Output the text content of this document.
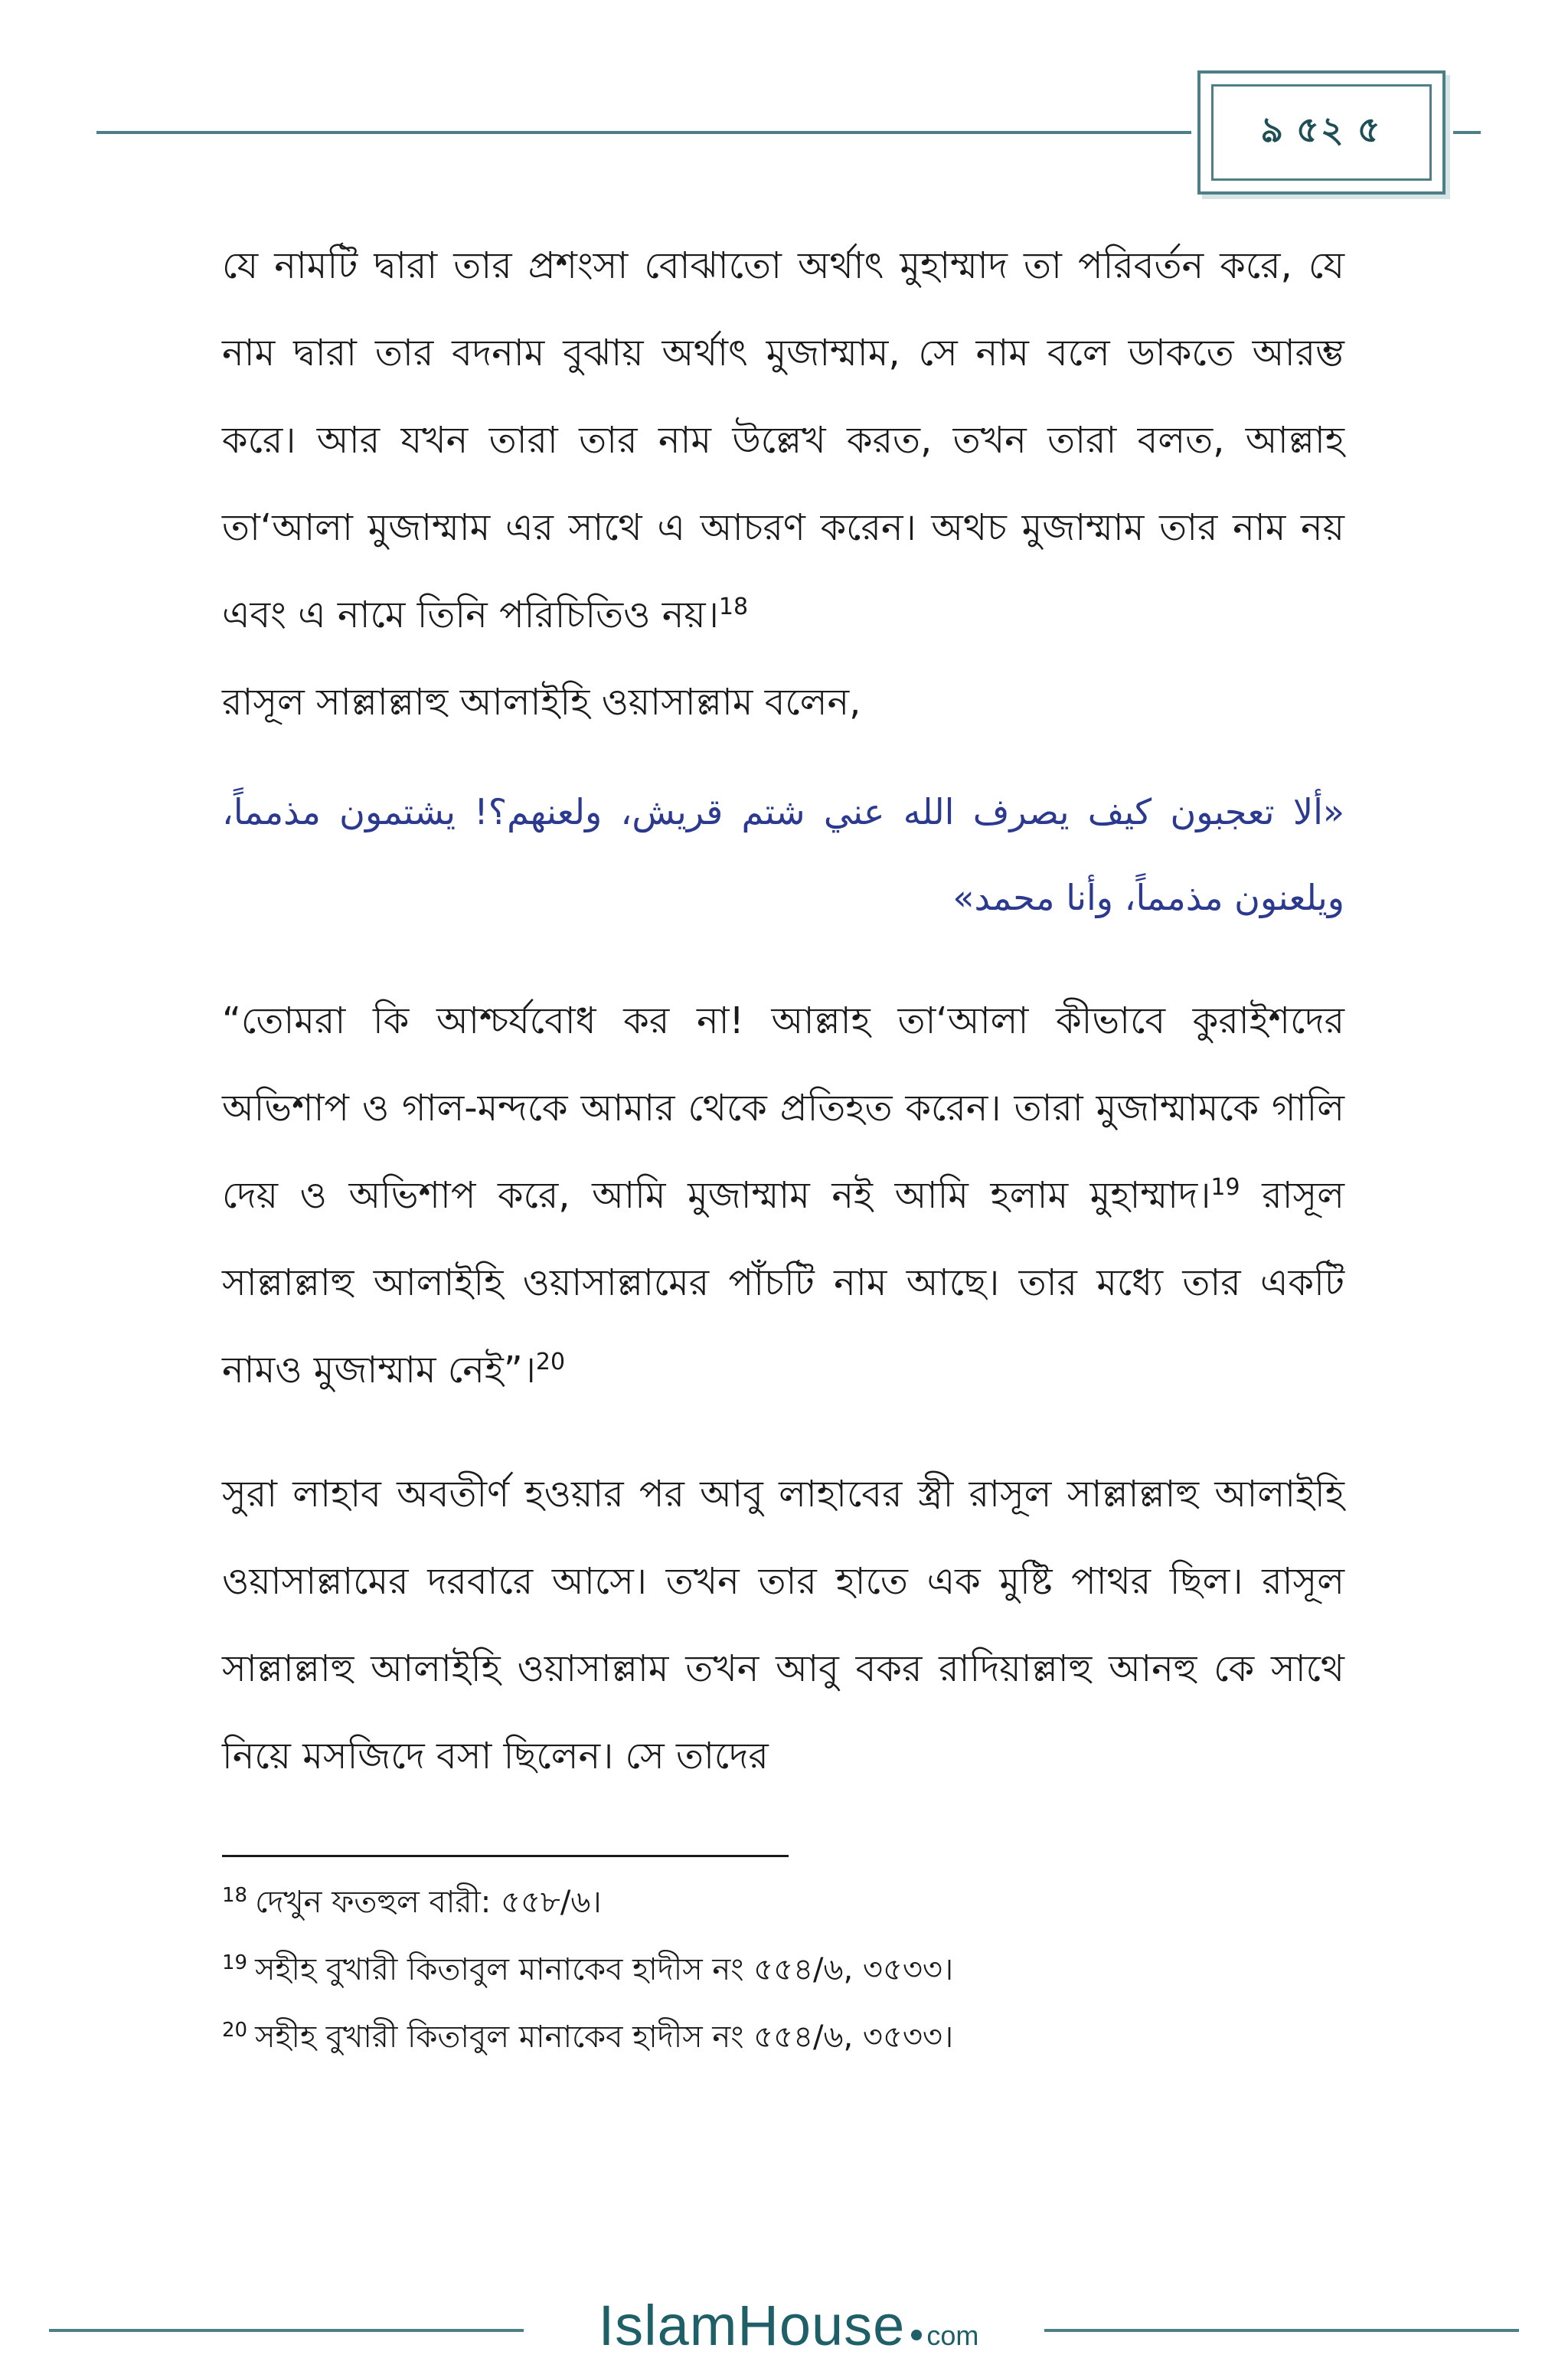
ঌ ৫২ ৫

যে নামটি দ্বারা তার প্রশংসা বোঝাতো অর্থাৎ মুহাম্মাদ তা পরিবর্তন করে, যে নাম দ্বারা তার বদনাম বুঝায় অর্থাৎ মুজাম্মাম, সে নাম বলে ডাকতে আরম্ভ করে। আর যখন তারা তার নাম উল্লেখ করত, তখন তারা বলত, আল্লাহ তা‘আলা মুজাম্মাম এর সাথে এ আচরণ করেন। অথচ মুজাম্মাম তার নাম নয় এবং এ নামে তিনি পরিচিতিও নয়।$^{18}$
রাসূল সাল্লাল্লাহু আলাইহি ওয়াসাল্লাম বলেন,

«ألا تعجبون كيف يصرف الله عني شتم قريش، ولعنهم؟! يشتمون مذمماً، ويلعنون مذمماً، وأنا محمد»

“তোমরা কি আশ্চর্যবোধ কর না! আল্লাহ তা‘আলা কীভাবে কুরাইশদের অভিশাপ ও গাল-মন্দকে আমার থেকে প্রতিহত করেন। তারা মুজাম্মামকে গালি দেয় ও অভিশাপ করে, আমি মুজাম্মাম নই আমি হলাম মুহাম্মাদ।$^{19}$ রাসূল সাল্লাল্লাহু আলাইহি ওয়াসাল্লামের পাঁচটি নাম আছে। তার মধ্যে তার একটি নামও মুজাম্মাম নেই”।$^{20}$

সুরা লাহাব অবতীর্ণ হওয়ার পর আবু লাহাবের স্ত্রী রাসূল সাল্লাল্লাহু আলাইহি ওয়াসাল্লামের দরবারে আসে। তখন তার হাতে এক মুষ্টি পাথর ছিল। রাসূল সাল্লাল্লাহু আলাইহি ওয়াসাল্লাম তখন আবু বকর রাদিয়াল্লাহু আনহু কে সাথে নিয়ে মসজিদে বসা ছিলেন। সে তাদের

$^{18}$ দেখুন ফতহুল বারী: ৫৫৮/৬।

$^{19}$ সহীহ বুখারী কিতাবুল মানাকেব হাদীস নং ৫৫৪/৬, ৩৫৩৩।

$^{20}$ সহীহ বুখারী কিতাবুল মানাকেব হাদীস নং ৫৫৪/৬, ৩৫৩৩।

IslamHouse com
